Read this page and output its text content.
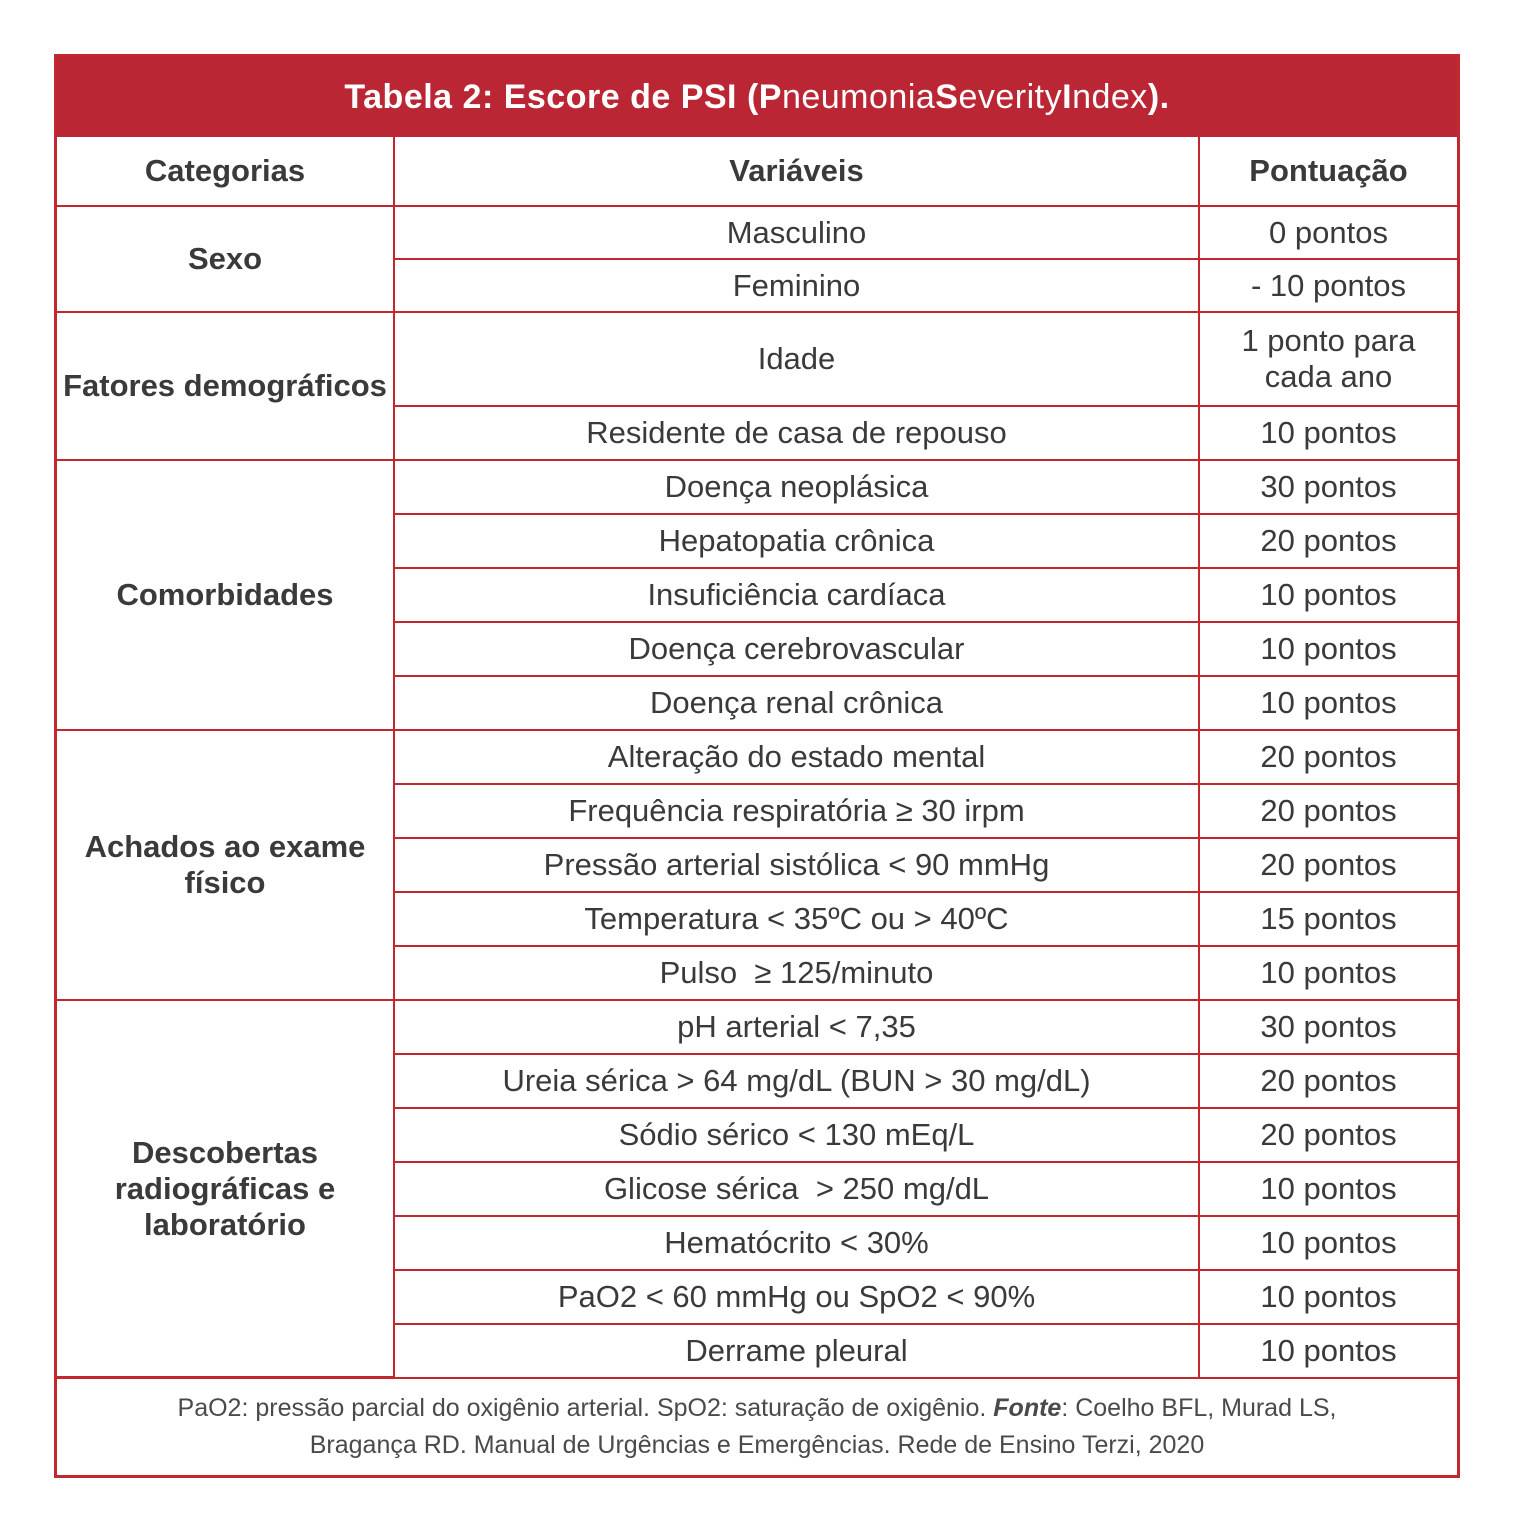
Tabela 2: Escore de PSI ( P neumonia S everity I ndex ).
Categorias	Variáveis	Pontuação
Sexo	Masculino	0 pontos
	Feminino	- 10 pontos
Fatores demográficos	Idade	1 ponto para cada ano
	Residente de casa de repouso	10 pontos
Comorbidades	Doença neoplásica	30 pontos
	Hepatopatia crônica	20 pontos
	Insuficiência cardíaca	10 pontos
	Doença cerebrovascular	10 pontos
	Doença renal crônica	10 pontos
Achados ao exame físico	Alteração do estado mental	20 pontos
	Frequência respiratória ≥ 30 irpm	20 pontos
	Pressão arterial sistólica < 90 mmHg	20 pontos
	Temperatura < 35ºC ou > 40ºC	15 pontos
	Pulso  ≥ 125/minuto	10 pontos
Descobertas radiográficas e laboratório	pH arterial < 7,35	30 pontos
	Ureia sérica > 64 mg/dL (BUN > 30 mg/dL)	20 pontos
	Sódio sérico < 130 mEq/L	20 pontos
	Glicose sérica  > 250 mg/dL	10 pontos
	Hematócrito < 30%	10 pontos
	PaO2 < 60 mmHg ou SpO2 < 90%	10 pontos
	Derrame pleural	10 pontos
PaO2: pressão parcial do oxigênio arterial. SpO2: saturação de oxigênio. Fonte: Coelho BFL, Murad LS, Bragança RD. Manual de Urgências e Emergências. Rede de Ensino Terzi, 2020
